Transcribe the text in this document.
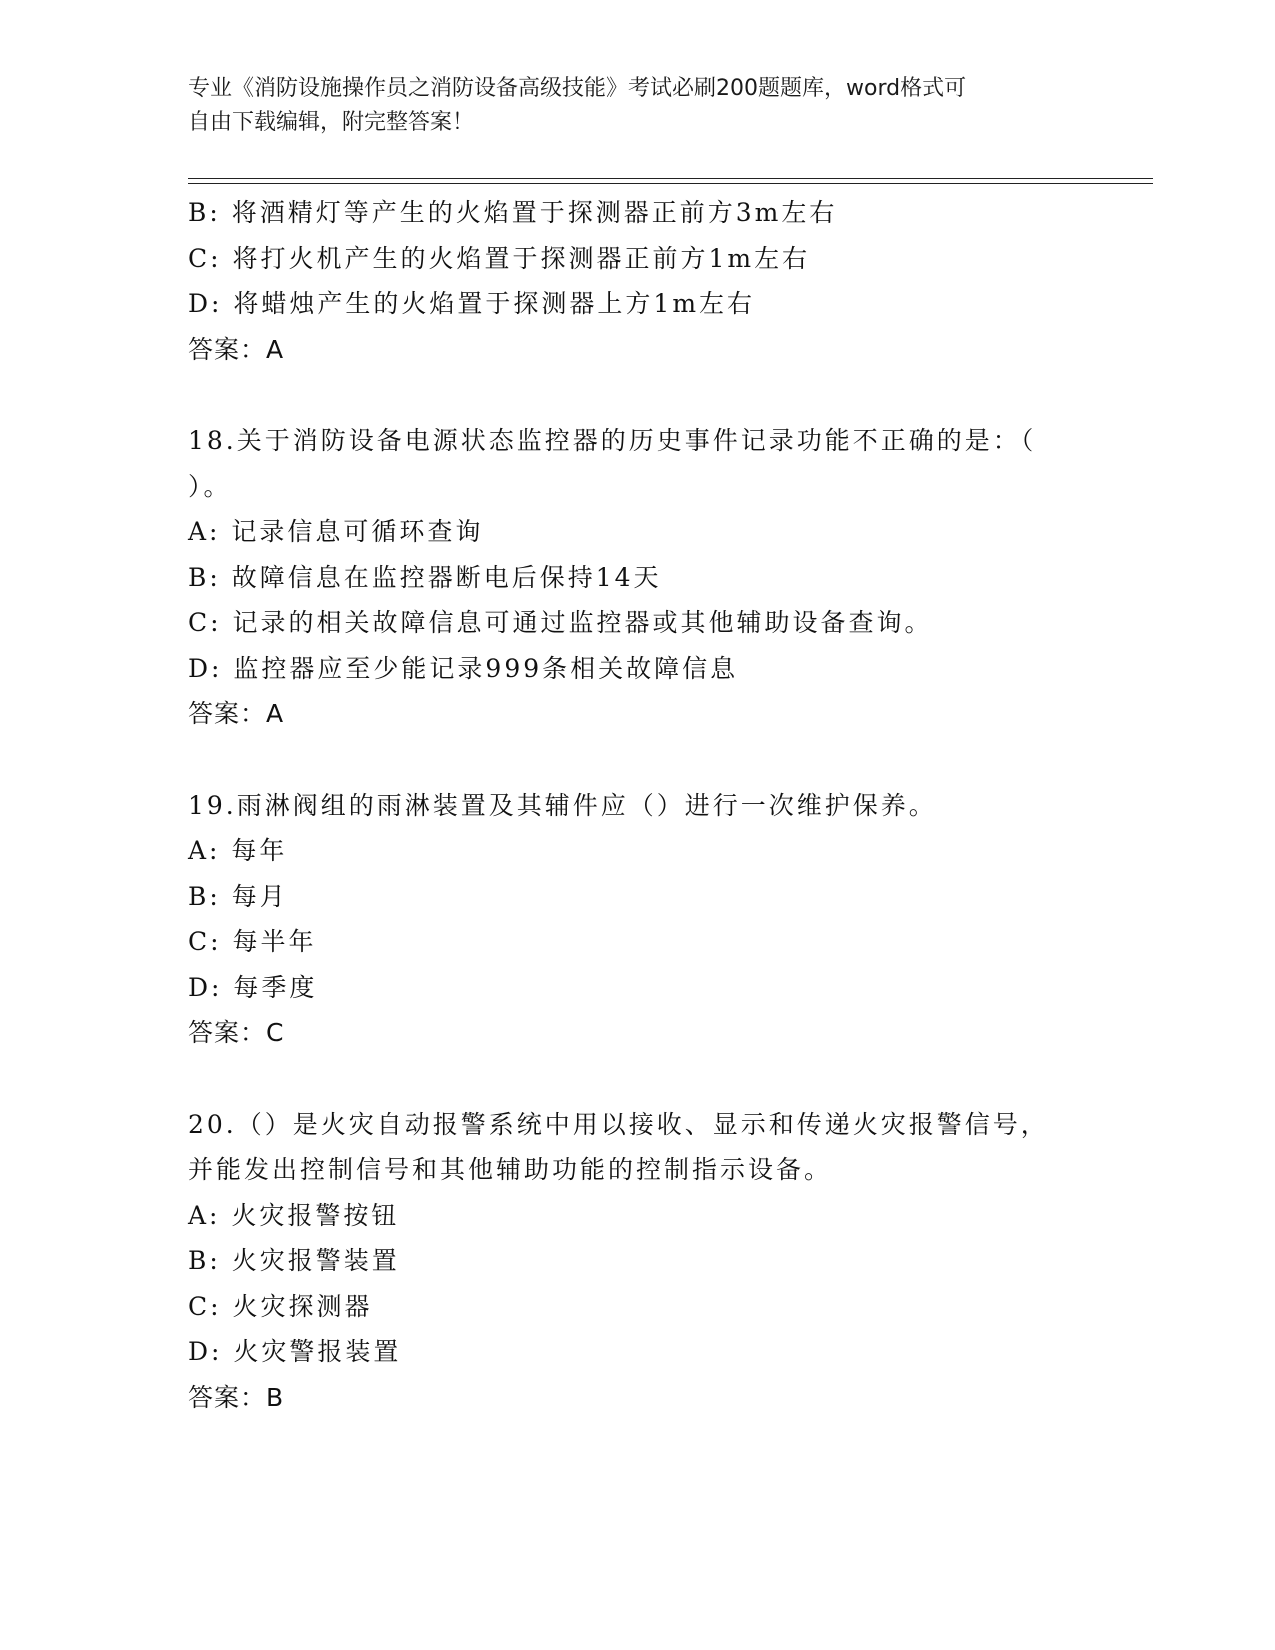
专业《消防设施操作员之消防设备高级技能》考试必刷200题题库，word格式可
自由下载编辑，附完整答案！
B: 将酒精灯等产生的火焰置于探测器正前方3m左右
C: 将打火机产生的火焰置于探测器正前方1m左右
D: 将蜡烛产生的火焰置于探测器上方1m左右
答案：A
18.关于消防设备电源状态监控器的历史事件记录功能不正确的是：（
）。
A: 记录信息可循环查询
B: 故障信息在监控器断电后保持14天
C: 记录的相关故障信息可通过监控器或其他辅助设备查询。
D: 监控器应至少能记录999条相关故障信息
答案：A
19.雨淋阀组的雨淋装置及其辅件应（）进行一次维护保养。
A: 每年
B: 每月
C: 每半年
D: 每季度
答案：C
20.（）是火灾自动报警系统中用以接收、显示和传递火灾报警信号，
并能发出控制信号和其他辅助功能的控制指示设备。
A: 火灾报警按钮
B: 火灾报警装置
C: 火灾探测器
D: 火灾警报装置
答案：B
